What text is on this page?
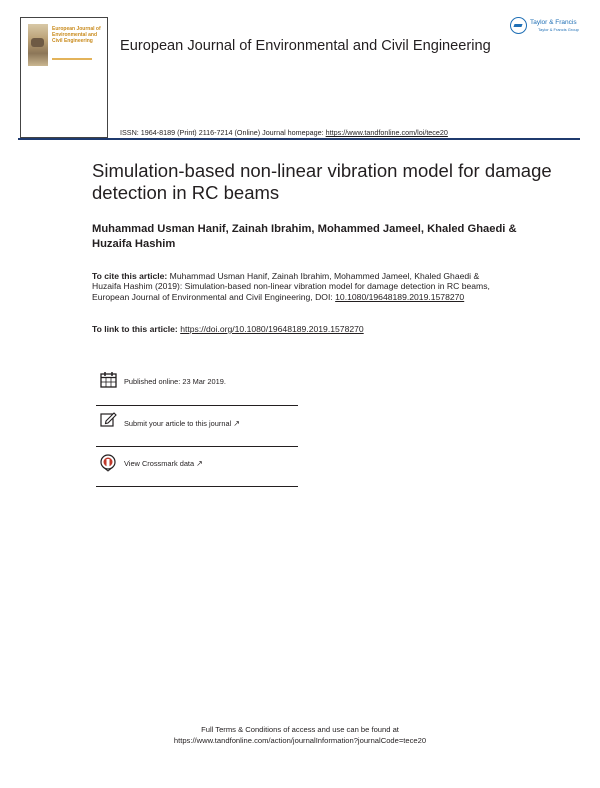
European Journal of Environmental and Civil Engineering	European Journal of Environmental and Civil Engineering
Taylor & Francis
Taylor & Francis Group
ISSN: 1964-8189 (Print) 2116-7214 (Online) Journal homepage: https://www.tandfonline.com/loi/tece20
Simulation-based non-linear vibration model for damage detection in RC beams
Muhammad Usman Hanif, Zainah Ibrahim, Mohammed Jameel, Khaled Ghaedi & Huzaifa Hashim
To cite this article: Muhammad Usman Hanif, Zainah Ibrahim, Mohammed Jameel, Khaled Ghaedi & Huzaifa Hashim (2019): Simulation-based non-linear vibration model for damage detection in RC beams, European Journal of Environmental and Civil Engineering, DOI: 10.1080/19648189.2019.1578270
To link to this article: https://doi.org/10.1080/19648189.2019.1578270
Published online: 23 Mar 2019.
Submit your article to this journal ↗
View Crossmark data ↗
Full Terms & Conditions of access and use can be found at
https://www.tandfonline.com/action/journalInformation?journalCode=tece20
